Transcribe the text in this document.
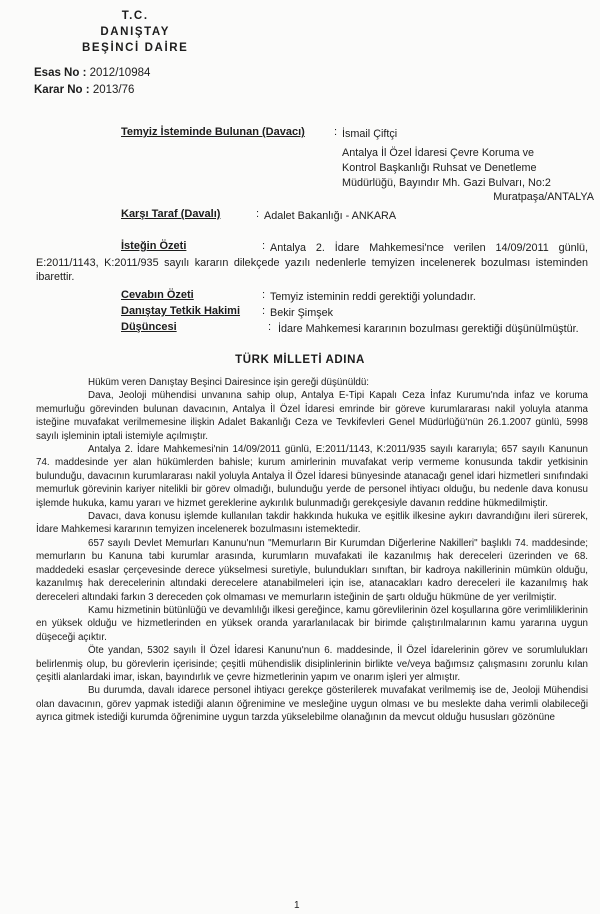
T.C.
DANIŞTAY
BEŞİNCİ DAİRE
Esas No : 2012/10984
Karar No : 2013/76
Temyiz İsteminde Bulunan (Davacı)	: İsmail Çiftçi
Antalya İl Özel İdaresi Çevre Koruma ve
Kontrol Başkanlığı Ruhsat ve Denetleme
Müdürlüğü, Bayındır Mh. Gazi Bulvarı, No:2
Muratpaşa/ANTALYA
Karşı Taraf (Davalı)	: Adalet Bakanlığı - ANKARA
İsteğin Özeti	: Antalya 2. İdare Mahkemesi'nce verilen 14/09/2011 günlü, E:2011/1143, K:2011/935 sayılı kararın dilekçede yazılı nedenlerle temyizen incelenerek bozulması isteminden ibarettir.
Cevabın Özeti	: Temyiz isteminin reddi gerektiği yolundadır.
Danıştay Tetkik Hakimi : Bekir Şimşek
Düşüncesi	: İdare Mahkemesi kararının bozulması gerektiği düşünülmüştür.
TÜRK MİLLETİ ADINA

Hüküm veren Danıştay Beşinci Dairesince işin gereği düşünüldü:

Dava, Jeoloji mühendisi unvanına sahip olup, Antalya E-Tipi Kapalı Ceza İnfaz Kurumu'nda infaz ve koruma memurluğu görevinden bulunan davacının, Antalya İl Özel İdaresi emrinde bir göreve kurumlararası nakil yoluyla atanma isteğine muvafakat verilmemesine ilişkin Adalet Bakanlığı Ceza ve Tevkifevleri Genel Müdürlüğü'nün 26.1.2007 günlü, 5998 sayılı işleminin iptali istemiyle açılmıştır.

Antalya 2. İdare Mahkemesi'nin 14/09/2011 günlü, E:2011/1143, K:2011/935 sayılı kararıyla; 657 sayılı Kanunun 74. maddesinde yer alan hükümlerden bahisle; kurum amirlerinin muvafakat verip vermeme konusunda takdir yetkisinin bulunduğu, davacının kurumlararası nakil yoluyla Antalya İl Özel İdaresi bünyesinde atanacağı genel idari hizmetleri sınıfındaki memurluk görevinin kariyer nitelikli bir görev olmadığı, bulunduğu yerde de personel ihtiyacı olduğu, bu nedenle dava konusu işlemde hukuka, kamu yararı ve hizmet gereklerine aykırılık bulunmadığı gerekçesiyle davanın reddine hükmedilmiştir.

Davacı, dava konusu işlemde kullanılan takdir hakkında hukuka ve eşitlik ilkesine aykırı davrandığını ileri sürerek, İdare Mahkemesi kararının temyizen incelenerek bozulmasını istemektedir.

657 sayılı Devlet Memurları Kanunu'nun "Memurların Bir Kurumdan Diğerlerine Nakilleri" başlıklı 74. maddesinde; memurların bu Kanuna tabi kurumlar arasında, kurumların muvafakati ile kazanılmış hak dereceleri üzerinden ve 68. maddedeki esaslar çerçevesinde derece yükselmesi suretiyle, bulundukları sınıftan, bir kadroya nakillerinin mümkün olduğu, kazanılmış hak derecelerinin altındaki derecelere atanabilmeleri için ise, atanacakları kadro dereceleri ile kazanılmış hak dereceleri altındaki farkın 3 dereceden çok olmaması ve memurların isteğinin de şartı olduğu hükmüne de yer verilmiştir.

Kamu hizmetinin bütünlüğü ve devamlılığı ilkesi gereğince, kamu görevlilerinin özel koşullarına göre verimliliklerinin en yüksek olduğu ve hizmetlerinden en yüksek oranda yararlanılacak bir birimde çalıştırılmalarının kamu yararına uygun düşeceği açıktır.

Öte yandan, 5302 sayılı İl Özel İdaresi Kanunu'nun 6. maddesinde, İl Özel İdarelerinin görev ve sorumlulukları belirlenmiş olup, bu görevlerin içerisinde; çeşitli mühendislik disiplinlerinin birlikte ve/veya bağımsız çalışmasını zorunlu kılan çeşitli alanlardaki imar, iskan, bayındırlık ve çevre hizmetlerinin yapım ve onarım işleri yer almıştır.

Bu durumda, davalı idarece personel ihtiyacı gerekçe gösterilerek muvafakat verilmemiş ise de, Jeoloji Mühendisi olan davacının, görev yapmak istediği alanın öğrenimine ve mesleğine uygun olması ve bu meslekte daha verimli olabileceği ayrıca gitmek istediği kurumda öğrenimine uygun tarzda yükselebilme olanağının da mevcut olduğu hususları gözönüne

1
